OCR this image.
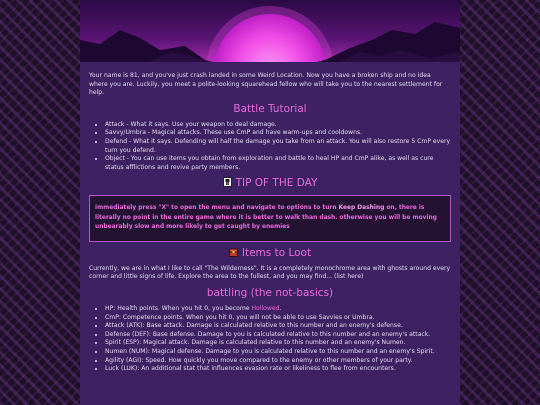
Your name is 81, and you've just crash landed in some Weird Location. Now you have a broken ship and no idea where you are. Luckily, you meet a polite-looking squarehead fellow who will take you to the nearest settlement for help.

Battle Tutorial
• Attack - What it says. Use your weapon to deal damage.
• Savvy/Umbra - Magical attacks. These use CmP and have warm-ups and cooldowns.
• Defend - What it says. Defending will half the damage you take from an attack. You will also restore 5 CmP every turn you defend.
• Object - You can use items you obtain from exploration and battle to heal HP and CmP alike, as well as cure status afflictions and revive party members.
TIP OF THE DAY
immediately press "X" to open the menu and navigate to options to turn Keep Dashing on, there is literally no point in the entire game where it is better to walk than dash. otherwise you will be moving unbearably slow and more likely to get caught by enemies
Items to Loot

Currently, we are in what I like to call "The Wilderness". It is a completely monochrome area with ghosts around every corner and little signs of life. Explore the area to the fullest, and you may find... (list here)

battling (the not-basics)
• HP: Health points. When you hit 0, you become Hollowed.
• CmP: Competence points. When you hit 0, you will not be able to use Savvies or Umbra.
• Attack (ATK): Base attack. Damage is calculated relative to this number and an enemy's defense.
• Defense (DEF): Base defense. Damage to you is calculated relative to this number and an enemy's attack.
• Spirit (ESP): Magical attack. Damage is calculated relative to this number and an enemy's Numen.
• Numen (NUM): Magical defense. Damage to you is calculated relative to this number and an enemy's Spirit.
• Agility (AGI): Speed. How quickly you move compared to the enemy or other members of your party.
• Luck (LUK): An additional stat that influences evasion rate or likeliness to flee from encounters.
